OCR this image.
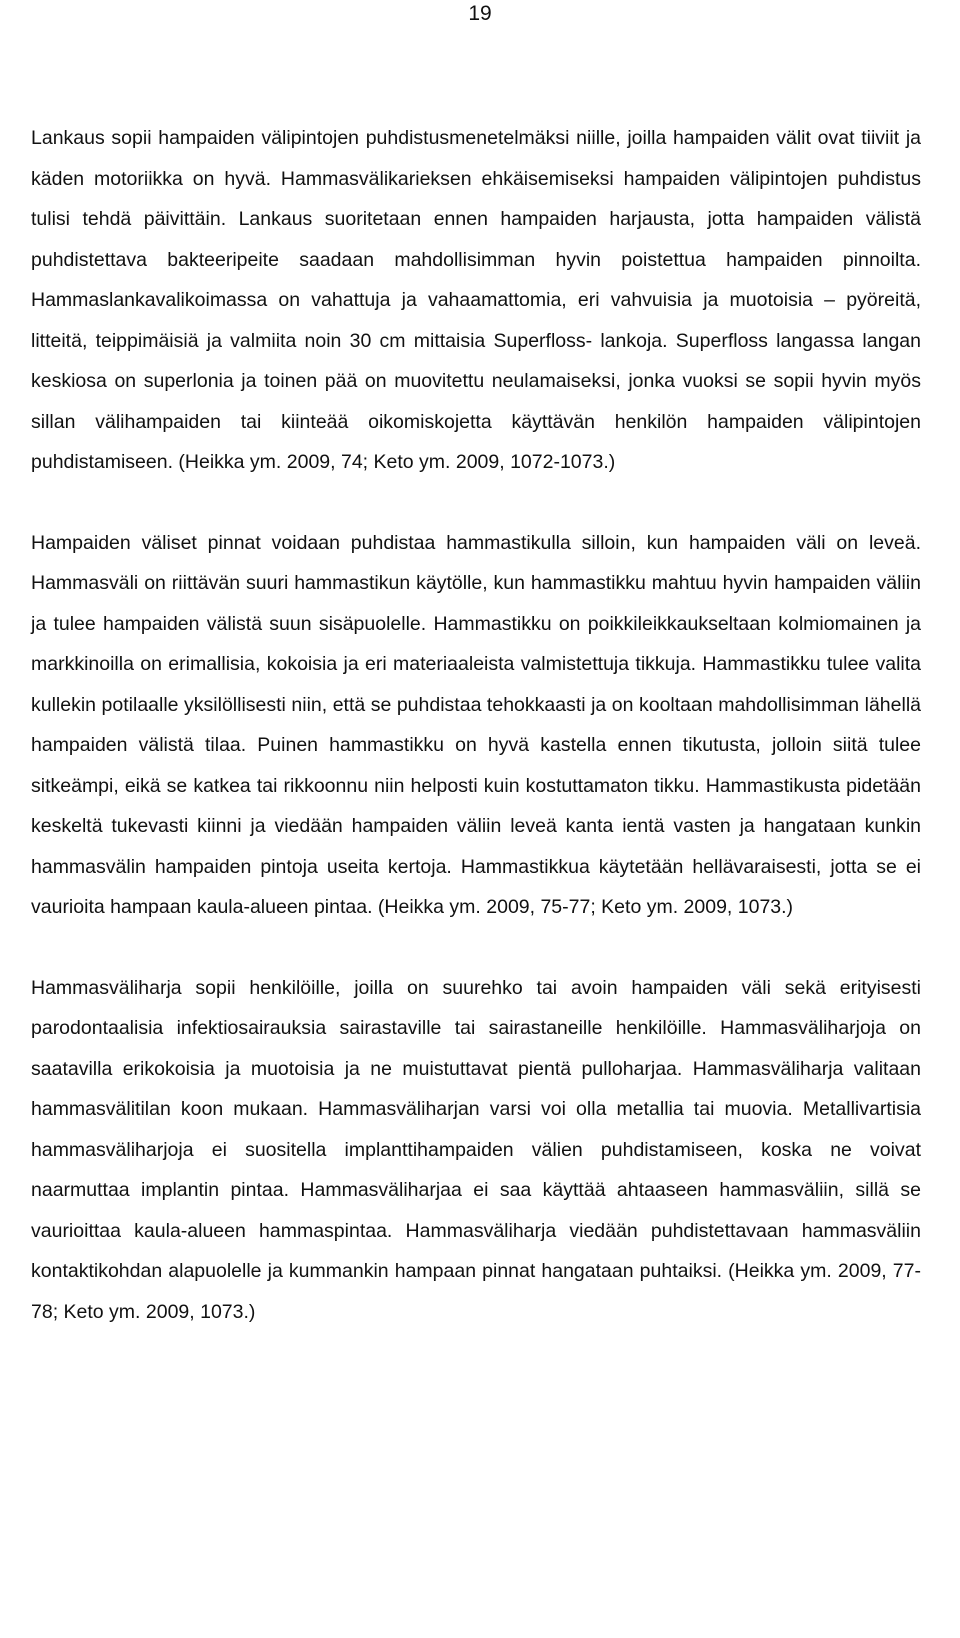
19

Lankaus sopii hampaiden välipintojen puhdistusmenetelmäksi niille, joilla hampaiden välit ovat tiiviit ja käden motoriikka on hyvä. Hammasvälikarieksen ehkäisemiseksi hampaiden välipintojen puhdistus tulisi tehdä päivittäin. Lankaus suoritetaan ennen hampaiden harjausta, jotta hampaiden välistä puhdistettava bakteeripeite saadaan mahdollisimman hyvin poistettua hampaiden pinnoilta. Hammaslankavalikoimassa on vahattuja ja vahaamattomia, eri vahvuisia ja muotoisia – pyöreitä, litteitä, teippimäisiä ja valmiita noin 30 cm mittaisia Superfloss- lankoja. Superfloss langassa langan keskiosa on superlonia ja toinen pää on muovitettu neulamaiseksi, jonka vuoksi se sopii hyvin myös sillan välihampaiden tai kiinteää oikomiskojetta käyttävän henkilön hampaiden välipintojen puhdistamiseen. (Heikka ym. 2009, 74; Keto ym. 2009, 1072-1073.)

Hampaiden väliset pinnat voidaan puhdistaa hammastikulla silloin, kun hampaiden väli on leveä. Hammasväli on riittävän suuri hammastikun käytölle, kun hammastikku mahtuu hyvin hampaiden väliin ja tulee hampaiden välistä suun sisäpuolelle. Hammastikku on poikkileikkaukseltaan kolmiomainen ja markkinoilla on erimallisia, kokoisia ja eri materiaaleista valmistettuja tikkuja. Hammastikku tulee valita kullekin potilaalle yksilöllisesti niin, että se puhdistaa tehokkaasti ja on kooltaan mahdollisimman lähellä hampaiden välistä tilaa. Puinen hammastikku on hyvä kastella ennen tikutusta, jolloin siitä tulee sitkeämpi, eikä se katkea tai rikkoonnu niin helposti kuin kostuttamaton tikku. Hammastikusta pidetään keskeltä tukevasti kiinni ja viedään hampaiden väliin leveä kanta ientä vasten ja hangataan kunkin hammasvälin hampaiden pintoja useita kertoja. Hammastikkua käytetään hellävaraisesti, jotta se ei vaurioita hampaan kaula-alueen pintaa. (Heikka ym. 2009, 75-77; Keto ym. 2009, 1073.)

Hammasväliharja sopii henkilöille, joilla on suurehko tai avoin hampaiden väli sekä erityisesti parodontaalisia infektiosairauksia sairastaville tai sairastaneille henkilöille. Hammasväliharjoja on saatavilla erikokoisia ja muotoisia ja ne muistuttavat pientä pulloharjaa. Hammasväliharja valitaan hammasvälitilan koon mukaan. Hammasväliharjan varsi voi olla metallia tai muovia. Metallivartisia hammasväliharjoja ei suositella implanttihampaiden välien puhdistamiseen, koska ne voivat naarmuttaa implantin pintaa. Hammasväliharjaa ei saa käyttää ahtaaseen hammasväliin, sillä se vaurioittaa kaula-alueen hammaspintaa. Hammasväliharja viedään puhdistettavaan hammasväliin kontaktikohdan alapuolelle ja kummankin hampaan pinnat hangataan puhtaiksi. (Heikka ym. 2009, 77-78; Keto ym. 2009, 1073.)
